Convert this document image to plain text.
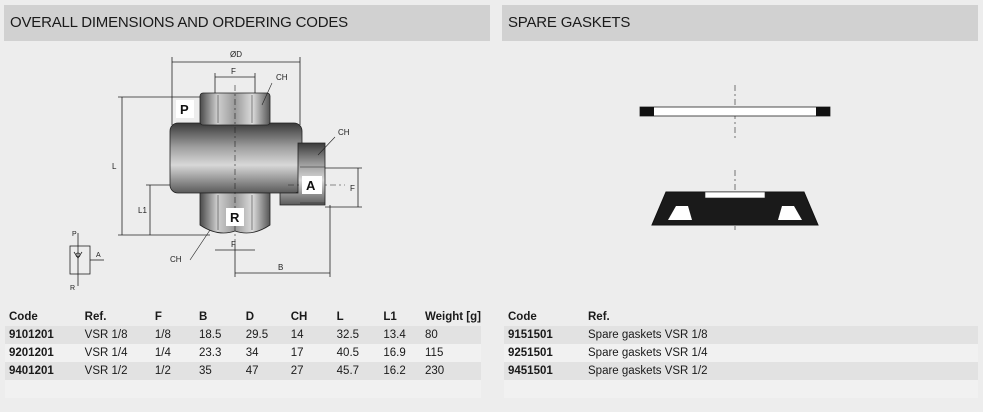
OVERALL DIMENSIONS AND ORDERING CODES	SPARE GASKETS
ØD
F
CH
CH
L
F
L1
CH
F
B
P
A
R
P
A
R
Code	Ref.	F	B	D	CH	L	L1	Weight [g]
9101201	VSR 1/8	1/8	18.5	29.5	14	32.5	13.4	80
9201201	VSR 1/4	1/4	23.3	34	17	40.5	16.9	115
9401201	VSR 1/2	1/2	35	47	27	45.7	16.2	230

Code	Ref.
9151501	Spare gaskets VSR 1/8
9251501	Spare gaskets VSR 1/4
9451501	Spare gaskets VSR 1/2
